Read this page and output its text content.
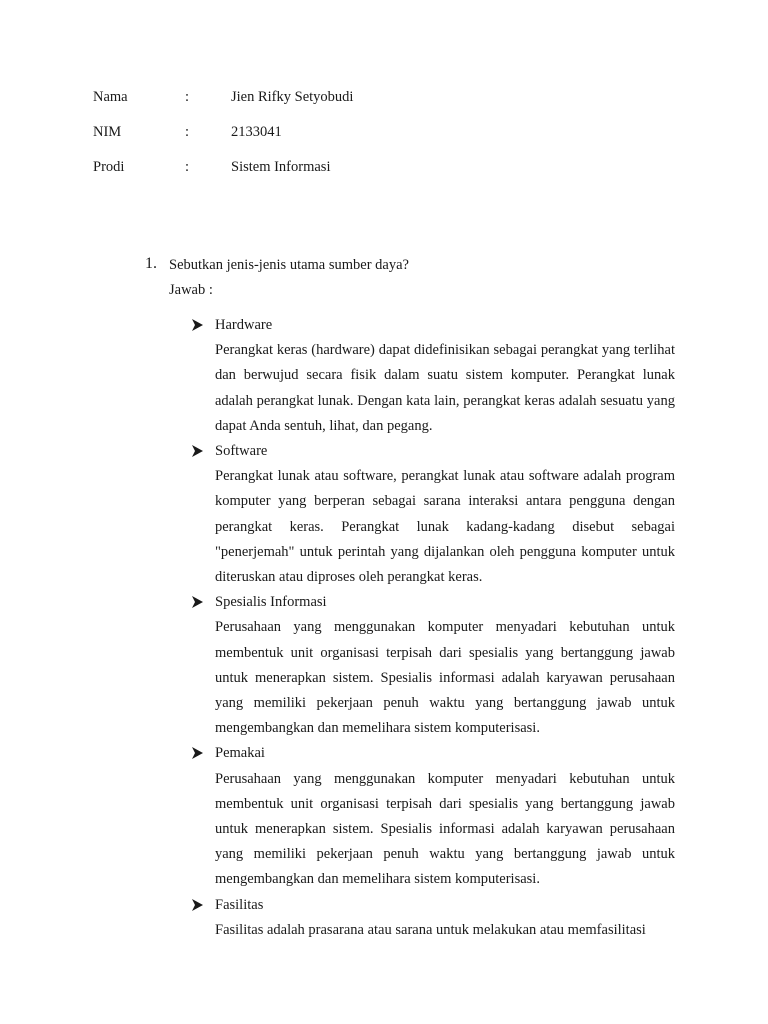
Nama	:	Jien Rifky Setyobudi
NIM	:	2133041
Prodi	:	Sistem Informasi
1. Sebutkan jenis-jenis utama sumber daya?
Jawab :
Hardware
Perangkat keras (hardware) dapat didefinisikan sebagai perangkat yang terlihat dan berwujud secara fisik dalam suatu sistem komputer. Perangkat lunak adalah perangkat lunak. Dengan kata lain, perangkat keras adalah sesuatu yang dapat Anda sentuh, lihat, dan pegang.
Software
Perangkat lunak atau software, perangkat lunak atau software adalah program komputer yang berperan sebagai sarana interaksi antara pengguna dengan perangkat keras. Perangkat lunak kadang-kadang disebut sebagai "penerjemah" untuk perintah yang dijalankan oleh pengguna komputer untuk diteruskan atau diproses oleh perangkat keras.
Spesialis Informasi
Perusahaan yang menggunakan komputer menyadari kebutuhan untuk membentuk unit organisasi terpisah dari spesialis yang bertanggung jawab untuk menerapkan sistem. Spesialis informasi adalah karyawan perusahaan yang memiliki pekerjaan penuh waktu yang bertanggung jawab untuk mengembangkan dan memelihara sistem komputerisasi.
Pemakai
Perusahaan yang menggunakan komputer menyadari kebutuhan untuk membentuk unit organisasi terpisah dari spesialis yang bertanggung jawab untuk menerapkan sistem. Spesialis informasi adalah karyawan perusahaan yang memiliki pekerjaan penuh waktu yang bertanggung jawab untuk mengembangkan dan memelihara sistem komputerisasi.
Fasilitas
Fasilitas adalah prasarana atau sarana untuk melakukan atau memfasilitasi
